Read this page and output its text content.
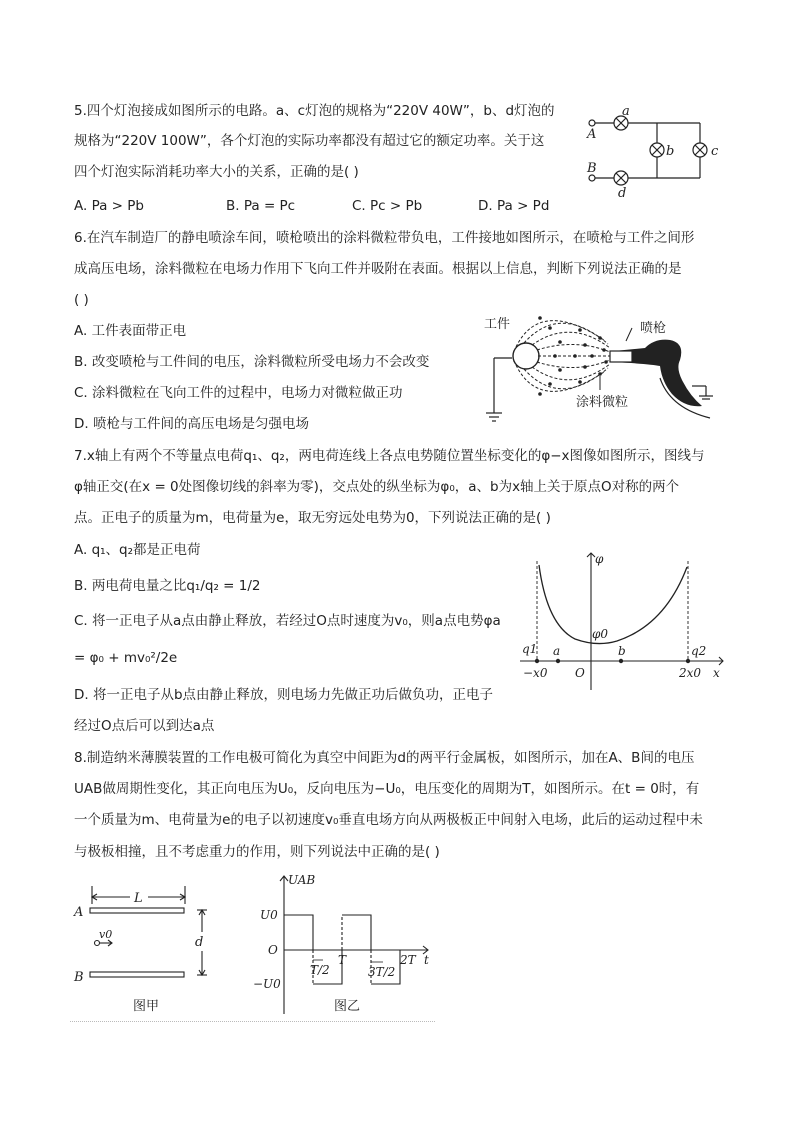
5.四个灯泡接成如图所示的电路。a、c灯泡的规格为“220V 40W”，b、d灯泡的
规格为“220V 100W”，各个灯泡的实际功率都没有超过它的额定功率。关于这
四个灯泡实际消耗功率大小的关系，正确的是( )
A. Pa > Pb	B. Pa = Pc	C. Pc > Pb	D. Pa > Pd
a
b	c
d
A
B
6.在汽车制造厂的静电喷涂车间，喷枪喷出的涂料微粒带负电，工件接地如图所示，在喷枪与工件之间形
成高压电场，涂料微粒在电场力作用下飞向工件并吸附在表面。根据以上信息，判断下列说法正确的是
( )
A. 工件表面带正电
B. 改变喷枪与工件间的电压，涂料微粒所受电场力不会改变
C. 涂料微粒在飞向工件的过程中，电场力对微粒做正功
D. 喷枪与工件间的高压电场是匀强电场
工件	喷枪
涂料微粒
7.x轴上有两个不等量点电荷q₁、q₂，两电荷连线上各点电势随位置坐标变化的φ−x图像如图所示，图线与
φ轴正交(在x = 0处图像切线的斜率为零)，交点处的纵坐标为φ₀，a、b为x轴上关于原点O对称的两个
点。正电子的质量为m，电荷量为e，取无穷远处电势为0，下列说法正确的是( )
A. q₁、q₂都是正电荷
B. 两电荷电量之比q₁/q₂ = 1/2
C. 将一正电子从a点由静止释放，若经过O点时速度为v₀，则a点电势φa
= φ₀ + mv₀²/2e
D. 将一正电子从b点由静止释放，则电场力先做正功后做负功，正电子
经过O点后可以到达a点
φ
φ0
q1 a	b	q2
O
−x0	2x0 x
8.制造纳米薄膜装置的工作电极可简化为真空中间距为d的两平行金属板，如图所示，加在A、B间的电压
UAB做周期性变化，其正向电压为U₀，反向电压为−U₀，电压变化的周期为T，如图所示。在t = 0时，有
一个质量为m、电荷量为e的电子以初速度v₀垂直电场方向从两极板正中间射入电场，此后的运动过程中未
与极板相撞，且不考虑重力的作用，则下列说法中正确的是( )
L
A
B
d
v0
图甲
UAB
U0
O
−U0
T/2
T
3T/2
2T t
图乙
